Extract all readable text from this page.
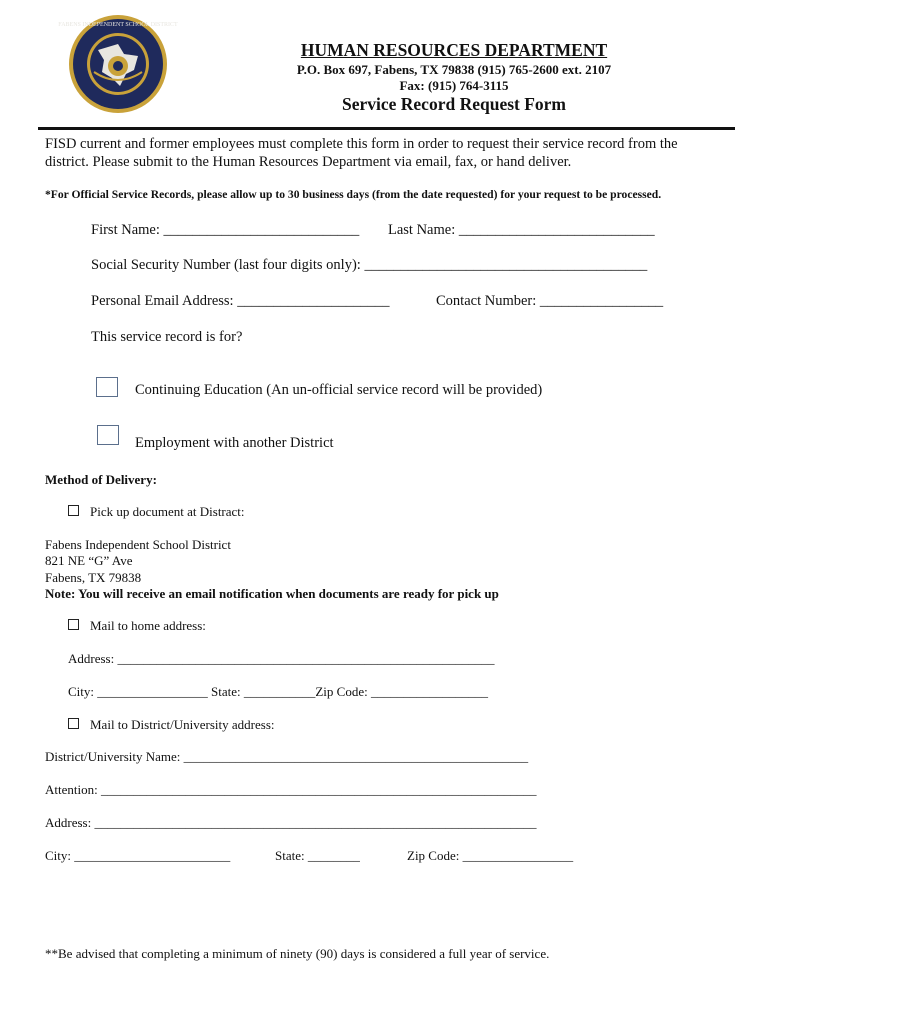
FABENS INDEPENDENT SCHOOL DISTRICT
HUMAN RESOURCES DEPARTMENT
P.O. Box 697, Fabens, TX 79838 (915) 765-2600 ext. 2107
Fax: (915) 764-3115
Service Record Request Form
FISD current and former employees must complete this form in order to request their service record from the
district. Please submit to the Human Resources Department via email, fax, or hand deliver.
*For Official Service Records, please allow up to 30 business days (from the date requested) for your request to be processed.
First Name: ___________________________ Last Name: ___________________________
Social Security Number (last four digits only): _______________________________________
Personal Email Address: _____________________	Contact Number: _________________
This service record is for?
Continuing Education (An un-official service record will be provided)
Employment with another District
Method of Delivery:
Pick up document at Distract:
Fabens Independent School District
821 NE “G” Ave
Fabens, TX 79838
Note: You will receive an email notification when documents are ready for pick up
Mail to home address:
Address: __________________________________________________________
City: _________________ State: ___________Zip Code: __________________
Mail to District/University address:
District/University Name: _____________________________________________________
Attention: ___________________________________________________________________
Address: ____________________________________________________________________
City: ________________________	State: ________	Zip Code: _________________
**Be advised that completing a minimum of ninety (90) days is considered a full year of service.
